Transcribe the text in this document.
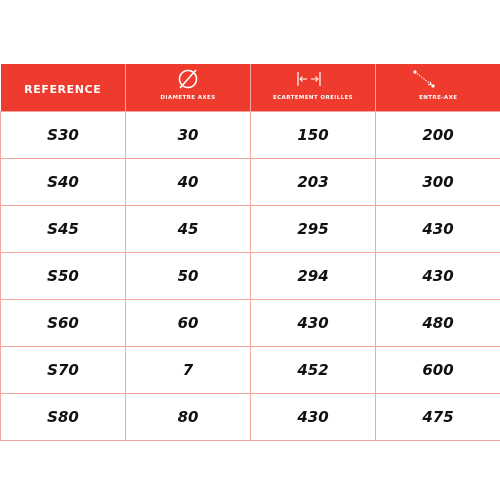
REFERENCE	DIAMETRE AXES	ECARTEMENT OREILLES	ENTRE-AXE

S30	30	150	200
S40	40	203	300
S45	45	295	430
S50	50	294	430
S60	60	430	480
S70	7	452	600
S80	80	430	475
